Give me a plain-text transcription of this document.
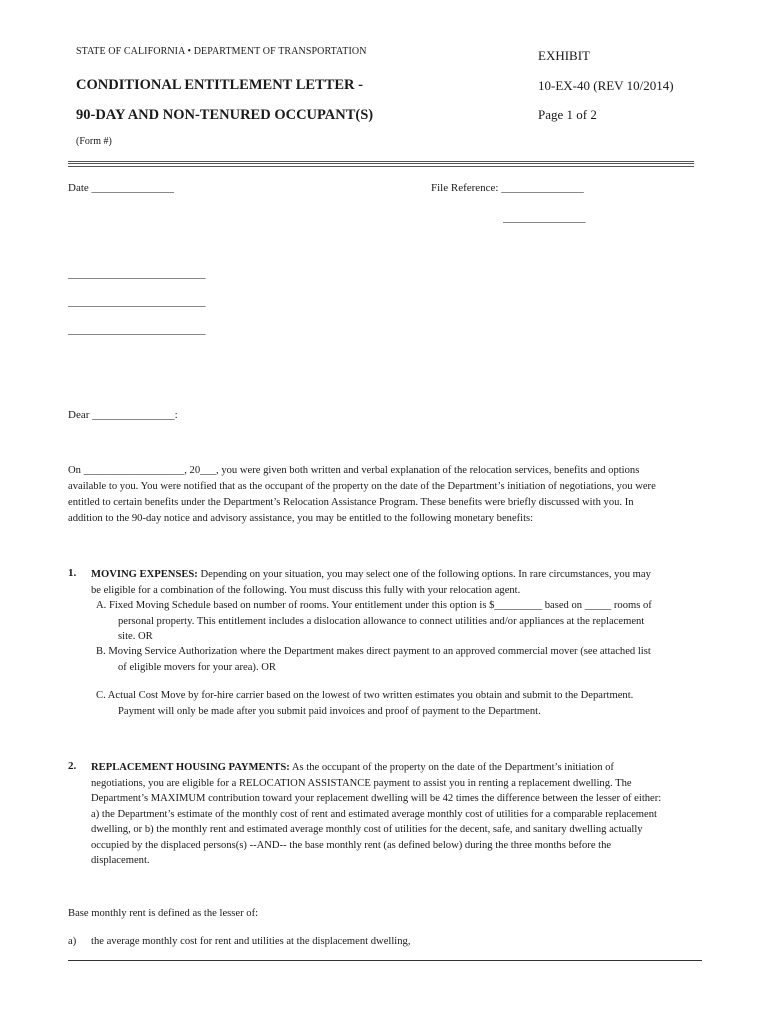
STATE OF CALIFORNIA • DEPARTMENT OF TRANSPORTATION
CONDITIONAL ENTITLEMENT LETTER -
90-DAY AND NON-TENURED OCCUPANT(S)
(Form #)
EXHIBIT
10-EX-40 (REV 10/2014)
Page 1 of 2
Date _______________	File Reference: _______________
_______________
_________________________
_________________________
_________________________
Dear _______________:
On ___________________, 20___, you were given both written and verbal explanation of the relocation services, benefits and options
available to you. You were notified that as the occupant of the property on the date of the Department’s initiation of negotiations, you were
entitled to certain benefits under the Department’s Relocation Assistance Program. These benefits were briefly discussed with you. In
addition to the 90-day notice and advisory assistance, you may be entitled to the following monetary benefits:
1. MOVING EXPENSES: Depending on your situation, you may select one of the following options. In rare circumstances, you may
be eligible for a combination of the following. You must discuss this fully with your relocation agent.
A. Fixed Moving Schedule based on number of rooms. Your entitlement under this option is $_________ based on _____ rooms of
personal property. This entitlement includes a dislocation allowance to connect utilities and/or appliances at the replacement
site. OR
B. Moving Service Authorization where the Department makes direct payment to an approved commercial mover (see attached list
of eligible movers for your area). OR
C. Actual Cost Move by for-hire carrier based on the lowest of two written estimates you obtain and submit to the Department.
Payment will only be made after you submit paid invoices and proof of payment to the Department.
2. REPLACEMENT HOUSING PAYMENTS: As the occupant of the property on the date of the Department’s initiation of
negotiations, you are eligible for a RELOCATION ASSISTANCE payment to assist you in renting a replacement dwelling. The
Department’s MAXIMUM contribution toward your replacement dwelling will be 42 times the difference between the lesser of either:
a) the Department’s estimate of the monthly cost of rent and estimated average monthly cost of utilities for a comparable replacement
dwelling, or b) the monthly rent and estimated average monthly cost of utilities for the decent, safe, and sanitary dwelling actually
occupied by the displaced persons(s) --AND-- the base monthly rent (as defined below) during the three months before the
displacement.
Base monthly rent is defined as the lesser of:
a) the average monthly cost for rent and utilities at the displacement dwelling,
